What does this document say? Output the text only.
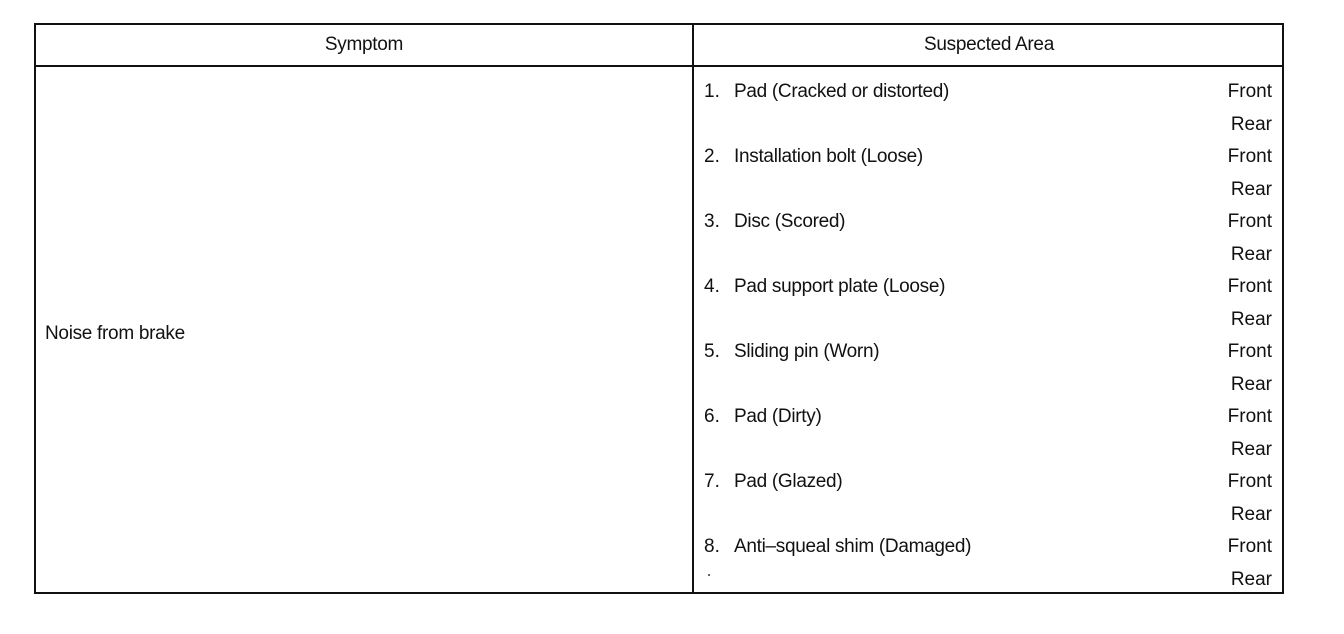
Symptom	Suspected Area
Noise from brake
1. Pad (Cracked or distorted)	Front
Rear
2. Installation bolt (Loose)	Front
Rear
3. Disc (Scored)	Front
Rear
4. Pad support plate (Loose)	Front
Rear
5. Sliding pin (Worn)	Front
Rear
6. Pad (Dirty)	Front
Rear
7. Pad (Glazed)	Front
Rear
8. Anti–squeal shim (Damaged)	Front
Rear
